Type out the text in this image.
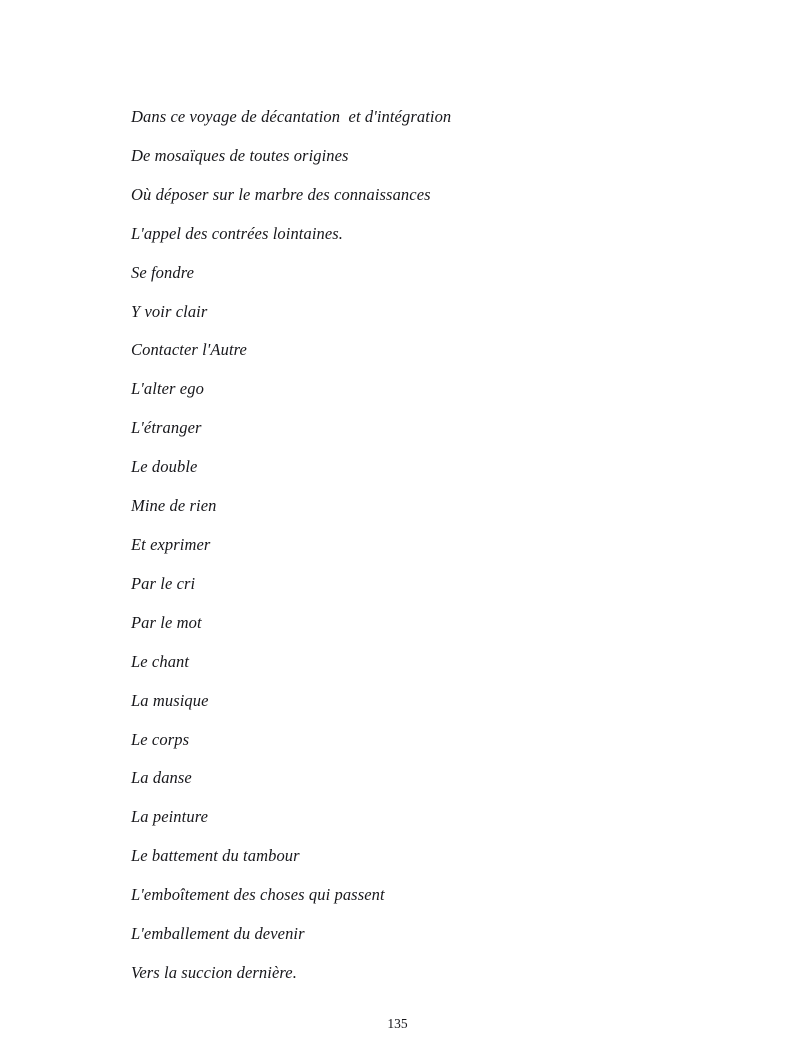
Dans ce voyage de décantation  et d'intégration
De mosaïques de toutes origines
Où déposer sur le marbre des connaissances
L'appel des contrées lointaines.
Se fondre
Y voir clair
Contacter l'Autre
L'alter ego
L'étranger
Le double
Mine de rien
Et exprimer
Par le cri
Par le mot
Le chant
La musique
Le corps
La danse
La peinture
Le battement du tambour
L'emboîtement des choses qui passent
L'emballement du devenir
Vers la succion dernière.
135
